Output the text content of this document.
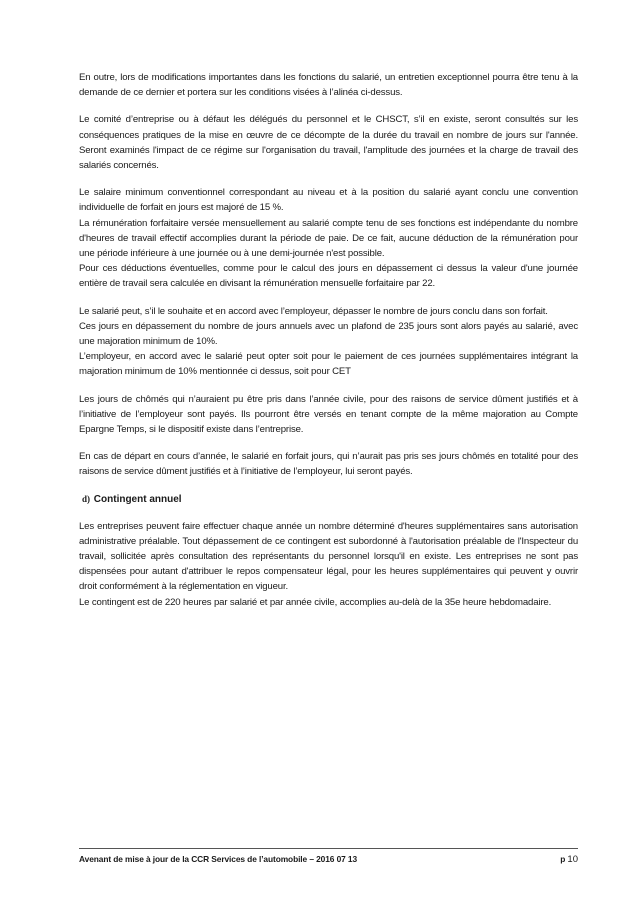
En outre, lors de modifications importantes dans les fonctions du salarié, un entretien exceptionnel pourra être tenu à la demande de ce dernier et portera sur les conditions visées à l’alinéa ci-dessus.

Le comité d’entreprise ou à défaut les délégués du personnel et le CHSCT, s’il en existe, seront consultés sur les conséquences pratiques de la mise en œuvre de ce décompte de la durée du travail en nombre de jours sur l'année. Seront examinés l'impact de ce régime sur l'organisation du travail, l'amplitude des journées et la charge de travail des salariés concernés.

Le salaire minimum conventionnel correspondant au niveau et à la position du salarié ayant conclu une convention individuelle de forfait en jours est majoré de 15 %.

La rémunération forfaitaire versée mensuellement au salarié compte tenu de ses fonctions est indépendante du nombre d'heures de travail effectif accomplies durant la période de paie. De ce fait, aucune déduction de la rémunération pour une période inférieure à une journée ou à une demi-journée n'est possible.

Pour ces déductions éventuelles, comme pour le calcul des jours en dépassement ci dessus la valeur d'une journée entière de travail sera calculée en divisant la rémunération mensuelle forfaitaire par 22.

Le salarié peut, s’il le souhaite et en accord avec l’employeur, dépasser le nombre de jours conclu dans son forfait.

Ces jours en dépassement du nombre de jours annuels avec un plafond de 235 jours sont alors payés au salarié, avec une majoration minimum de 10%.

L’employeur, en accord avec le salarié peut opter soit pour le paiement de ces journées supplémentaires intégrant la majoration minimum de 10% mentionnée ci dessus, soit pour CET

Les jours de chômés qui n’auraient pu être pris dans l’année civile, pour des raisons de service dûment justifiés et à l’initiative de l’employeur sont payés. Ils pourront être versés en tenant compte de la même majoration au Compte Epargne Temps, si le dispositif existe dans l’entreprise.

En cas de départ en cours d’année, le salarié en forfait jours, qui n’aurait pas pris ses jours chômés en totalité pour des raisons de service dûment justifiés et à l’initiative de l’employeur, lui seront payés.

d) Contingent annuel

Les entreprises peuvent faire effectuer chaque année un nombre déterminé d'heures supplémentaires sans autorisation administrative préalable. Tout dépassement de ce contingent est subordonné à l'autorisation préalable de l'Inspecteur du travail, sollicitée après consultation des représentants du personnel lorsqu'il en existe. Les entreprises ne sont pas dispensées pour autant d'attribuer le repos compensateur légal, pour les heures supplémentaires qui peuvent y ouvrir droit conformément à la réglementation en vigueur.

Le contingent est de 220 heures par salarié et par année civile, accomplies au-delà de la 35e heure hebdomadaire.

Avenant de mise à jour de la CCR Services de l’automobile – 2016 07 13	p 10
